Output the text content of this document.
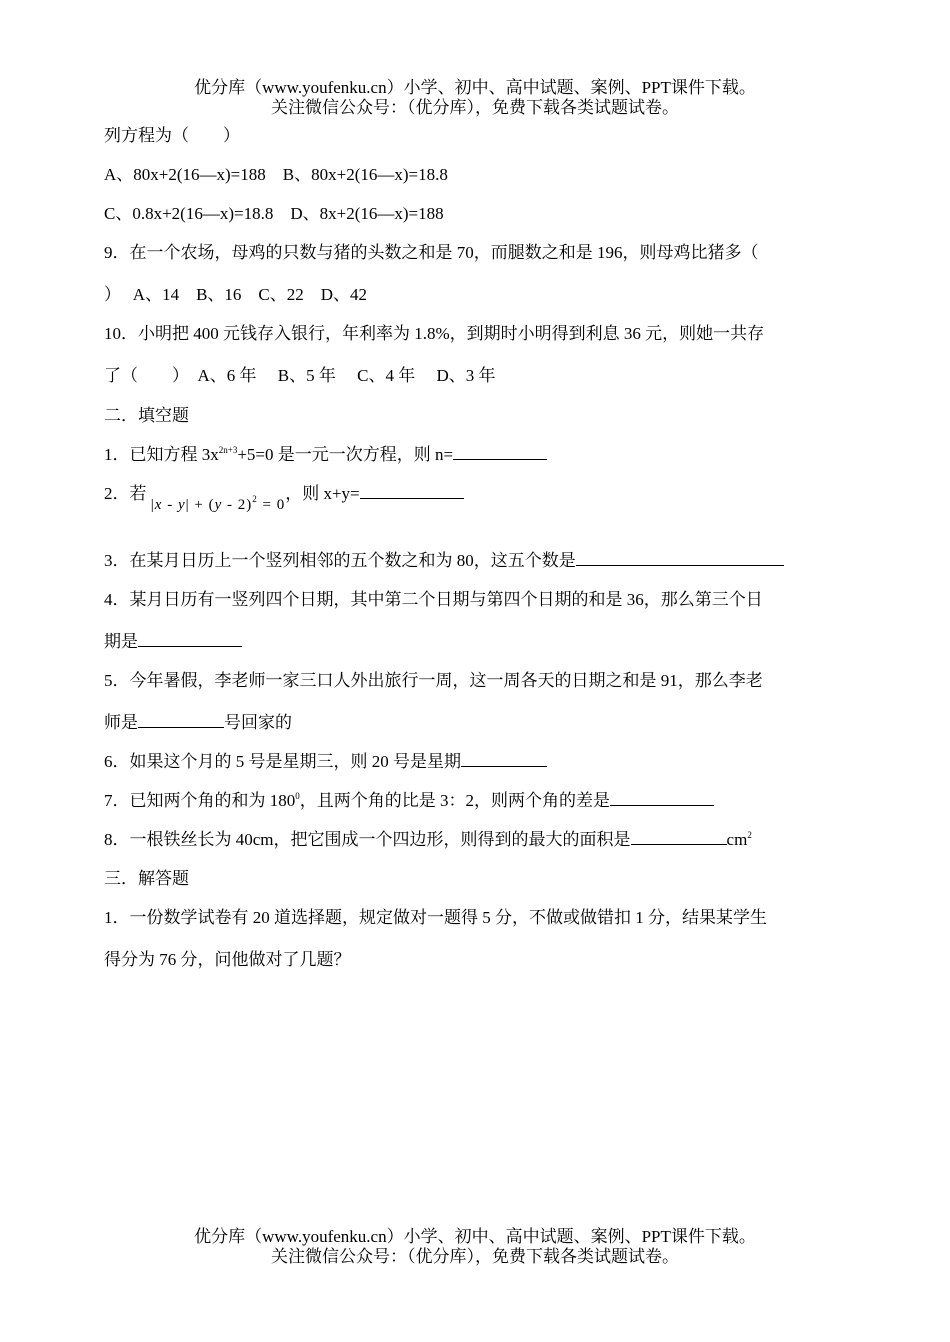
优分库（www.youfenku.cn）小学、初中、高中试题、案例、PPT课件下载。
关注微信公众号：（优分库），免费下载各类试题试卷。
列方程为（　　）
A、80x+2(16—x)=188　B、80x+2(16—x)=18.8
C、0.8x+2(16—x)=18.8　D、8x+2(16—x)=188
9．在一个农场，母鸡的只数与猪的头数之和是 70，而腿数之和是 196，则母鸡比猪多（
）　 A、14　B、16　C、22　D、42
10．小明把 400 元钱存入银行，年利率为 1.8%，到期时小明得到利息 36 元，则她一共存
了（　　）　A、6 年　 B、5 年　 C、4 年　 D、3 年
二．填空题
1．已知方程 $3x^{2n+3}+5=0$ 是一元一次方程，则 n=
2．若 |x - y| + (y - 2)$^2$ = 0，则 x+y=
3．在某月日历上一个竖列相邻的五个数之和为 80，这五个数是
4．某月日历有一竖列四个日期，其中第二个日期与第四个日期的和是 36，那么第三个日
期是
5．今年暑假，李老师一家三口人外出旅行一周，这一周各天的日期之和是 91，那么李老
师是	号回家的
6．如果这个月的 5 号是星期三，则 20 号是星期
7．已知两个角的和为 $180^0$，且两个角的比是 3：2，则两个角的差是
8．一根铁丝长为 40cm，把它围成一个四边形，则得到的最大的面积是	$cm^2$
三．解答题
1．一份数学试卷有 20 道选择题，规定做对一题得 5 分，不做或做错扣 1 分，结果某学生
得分为 76 分，问他做对了几题？
优分库（www.youfenku.cn）小学、初中、高中试题、案例、PPT课件下载。
关注微信公众号：（优分库），免费下载各类试题试卷。
